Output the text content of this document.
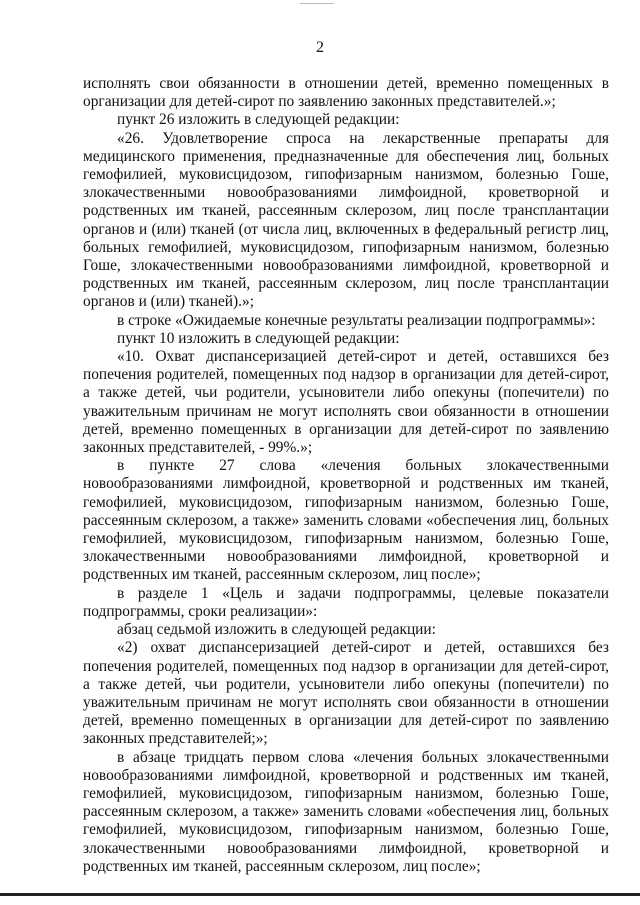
2

исполнять свои обязанности в отношении детей, временно помещенных в организации для детей-сирот по заявлению законных представителей.»;

пункт 26 изложить в следующей редакции:

«26. Удовлетворение спроса на лекарственные препараты для медицинского применения, предназначенные для обеспечения лиц, больных гемофилией, муковисцидозом, гипофизарным нанизмом, болезнью Гоше, злокачественными новообразованиями лимфоидной, кроветворной и родственных им тканей, рассеянным склерозом, лиц после трансплантации органов и (или) тканей (от числа лиц, включенных в федеральный регистр лиц, больных гемофилией, муковисцидозом, гипофизарным нанизмом, болезнью Гоше, злокачественными новообразованиями лимфоидной, кроветворной и родственных им тканей, рассеянным склерозом, лиц после трансплантации органов и (или) тканей).»;

в строке «Ожидаемые конечные результаты реализации подпрограммы»:

пункт 10 изложить в следующей редакции:

«10. Охват диспансеризацией детей-сирот и детей, оставшихся без попечения родителей, помещенных под надзор в организации для детей-сирот, а также детей, чьи родители, усыновители либо опекуны (попечители) по уважительным причинам не могут исполнять свои обязанности в отношении детей, временно помещенных в организации для детей-сирот по заявлению законных представителей, - 99%.»;

в пункте 27 слова «лечения больных злокачественными новообразованиями лимфоидной, кроветворной и родственных им тканей, гемофилией, муковисцидозом, гипофизарным нанизмом, болезнью Гоше, рассеянным склерозом, а также» заменить словами «обеспечения лиц, больных гемофилией, муковисцидозом, гипофизарным нанизмом, болезнью Гоше, злокачественными новообразованиями лимфоидной, кроветворной и родственных им тканей, рассеянным склерозом, лиц после»;

в разделе 1 «Цель и задачи подпрограммы, целевые показатели подпрограммы, сроки реализации»:

абзац седьмой изложить в следующей редакции:

«2) охват диспансеризацией детей-сирот и детей, оставшихся без попечения родителей, помещенных под надзор в организации для детей-сирот, а также детей, чьи родители, усыновители либо опекуны (попечители) по уважительным причинам не могут исполнять свои обязанности в отношении детей, временно помещенных в организации для детей-сирот по заявлению законных представителей;»;

в абзаце тридцать первом слова «лечения больных злокачественными новообразованиями лимфоидной, кроветворной и родственных им тканей, гемофилией, муковисцидозом, гипофизарным нанизмом, болезнью Гоше, рассеянным склерозом, а также» заменить словами «обеспечения лиц, больных гемофилией, муковисцидозом, гипофизарным нанизмом, болезнью Гоше, злокачественными новообразованиями лимфоидной, кроветворной и родственных им тканей, рассеянным склерозом, лиц после»;
